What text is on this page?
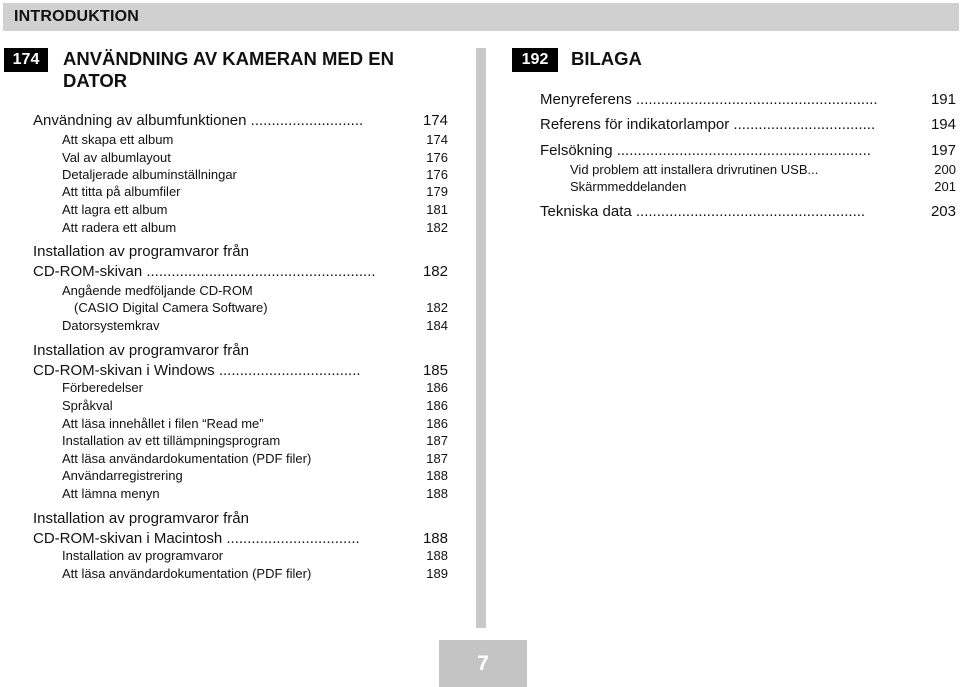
INTRODUKTION
174	ANVÄNDNING AV KAMERAN MED EN
DATOR
Användning av albumfunktionen ...........................	174
Att skapa ett album	174
Val av albumlayout	176
Detaljerade albuminställningar	176
Att titta på albumfiler	179
Att lagra ett album	181
Att radera ett album	182
Installation av programvaror från
CD-ROM-skivan .......................................................	182
Angående medföljande CD-ROM
(CASIO Digital Camera Software)	182
Datorsystemkrav	184
Installation av programvaror från
CD-ROM-skivan i Windows ..................................	185
Förberedelser	186
Språkval	186
Att läsa innehållet i filen “Read me”	186
Installation av ett tillämpningsprogram	187
Att läsa användardokumentation (PDF filer)	187
Användarregistrering	188
Att lämna menyn	188
Installation av programvaror från
CD-ROM-skivan i Macintosh ................................	188
Installation av programvaror	188
Att läsa användardokumentation (PDF filer)	189
192	BILAGA
Menyreferens ..........................................................	191
Referens för indikatorlampor ..................................	194
Felsökning .............................................................	197
Vid problem att installera drivrutinen USB...	200
Skärmmeddelanden	201
Tekniska data .......................................................	203
7
